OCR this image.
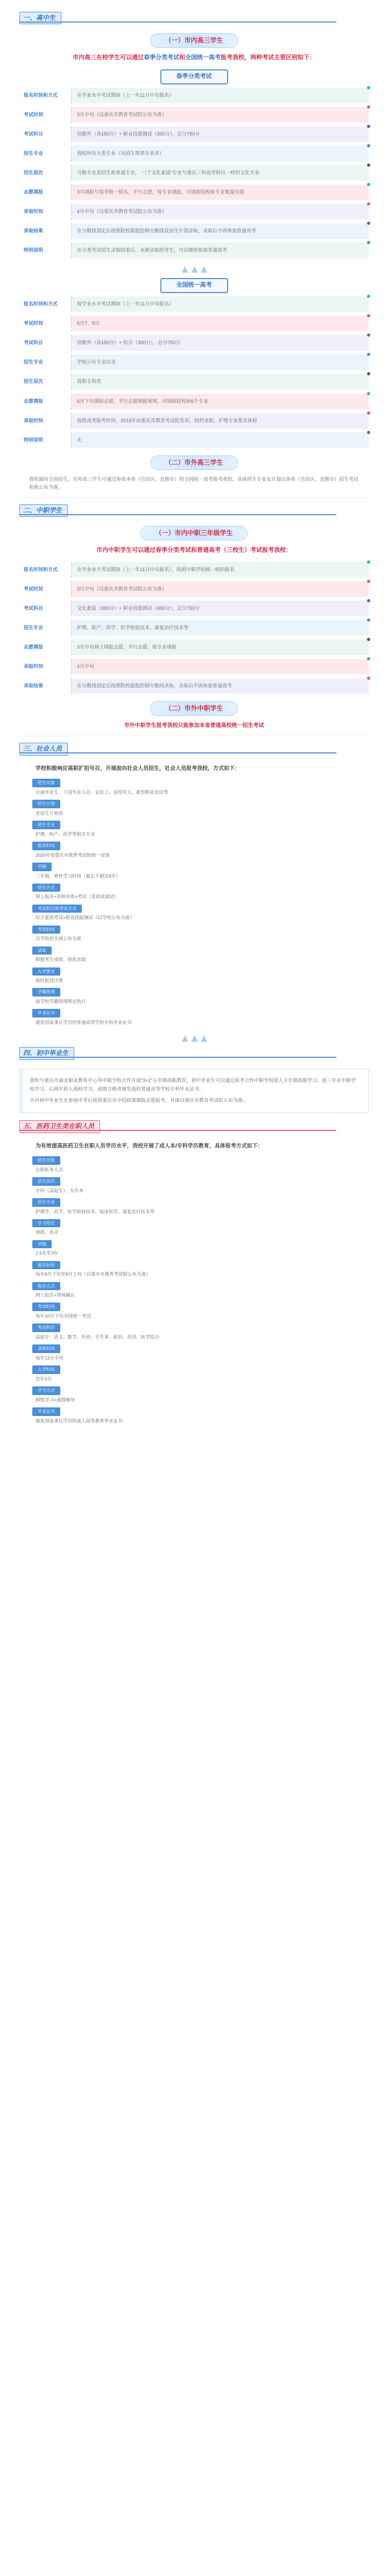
一、高中生
（一）市内高三学生
市内高三在校学生可以通过春季分类考试和全国统一高考报考我校，两种考试主要区别如下：
春季分类考试
报名时间和方式	在学业水平考试期间（上一年11月中旬报名）
考试时间	3月中旬（以重庆市教育考试院公布为准）
考试科目	语数外（各150分）+ 职业技能测试（300分），总分750分
招生专业	我校所有大类专业（见招生简章专业表）
招生层次	分数专业类招生和普通专业，一门“文化素质”专业与重庆三科高考科目一样的文化专业
志愿填报	3月填报与春季统一报名，平行志愿，按专业填报，可填报院校和专业数量有限
录取时间	4月中旬（以重庆市教育考试院公布为准）
录取结果	在分数线划定后按照院校最低控制分数线及招生计划录取，录取后不再参加普通高考
特别说明	在分类考试招生录取结束后，未被录取的考生，可以继续参加普通高考
▲▲▲
全国统一高考
报名时间和方式	按学业水平考试期间（上一年11月中旬报名）
考试时间	6月7、8日
考试科目	语数外（各150分）+ 综合（300分），总分750分
招生专业	学校公布专业目录
招生层次	高职专科类
志愿填报	6月下旬填报志愿，平行志愿填报规则，可填报院校和6个专业
录取时间	按照高考报考时间，2019年由重庆市教育考试院发布，投档录取，护理专业要求体检
特别说明	无
（二）市外高三学生
我校面向全国招生，市外高三学生可通过参加本省（自治区、直辖市）的全国统一高考报考我校，具体招生专业及计划以各省（自治区、直辖市）招生考试机构公布为准。
二、中职学生
（一）市内中职三年级学生
市内中职学生可以通过春季分类考试和普通高考（三校生）考试报考我校：
报名时间和方式	在学业水平考试期间（上一年11月中旬报名），按照中职学校统一组织报名
考试时间	3月中旬（以重庆市教育考试院公布为准）
考试科目	文化素质（300分）+ 职业技能测试（450分），总分750分
招生专业	护理、助产、药学、医学检验技术、康复治疗技术等
志愿填报	3月中旬网上填报志愿，平行志愿，按专业填报
录取时间	4月中旬
录取结果	在分数线划定后按照院校最低控制分数线录取，录取后不再参加普通高考
（二）市外中职学生
市外中职学生报考我校只能参加本省普通高校统一招生考试
三、社会人员
学校积极响应高职扩招号召，开展面向社会人员招生，社会人员报考我校，方式如下：
招生对象
应届毕业生、下岗失业人员、农民工、退役军人、新型职业农民等
招生计划
见招生计划表
招生专业
护理、助产、药学等相关专业
报名时间
2020年按重庆市教育考试院统一安排
学制
三年制，弹性学习时间（最长不超过6年）
招生方式
网上报名+资格审查+考试（笔试或面试）
考试科目和考试方式
综合素质考试+职业技能测试（以学校公布为准）
考试时间
以学校招生网公布为准
录取
根据考生成绩，择优录取
入学要求
按时报到注册
学籍管理
按学校学籍管理规定执行
毕业证书
颁发国家承认学历的普通高等学校专科毕业证书
▲▲▲
四、初中毕业生
我校与重庆市渝北职业教育中心等中职学校合作开展“3+2”五年制高职教育，初中毕业生可以通过报考合作中职学校进入五年制高职学习。前三年在中职学校学习，后两年转入我校学习，成绩合格者颁发我校普通高等学校专科毕业证书。
市内初中毕业生在参加中考后按照重庆市中招政策填报志愿报考，具体以重庆市教育考试院公布为准。
五、医药卫生类在职人员
为有效提高医药卫生在职人员学历水平，我校开展了成人本/专科学历教育，具体报考方式如下：
招生对象
在职医务人员
招生层次
专科（高起专）、专升本
招生专业
护理学、药学、医学检验技术、临床医学、康复治疗技术等
学习形式
函授、业余
学制
2.5年至3年
报名时间
每年8月下旬至9月上旬（以重庆市教育考试院公布为准）
报名方式
网上报名+现场确认
考试时间
每年10月下旬全国统一考试
考试科目
高起专：语文、数学、外语；专升本：政治、英语、医学综合
录取时间
每年12月中旬
入学时间
次年3月
学习方式
网络学习+面授辅导
毕业证书
颁发国家承认学历的成人高等教育毕业证书
